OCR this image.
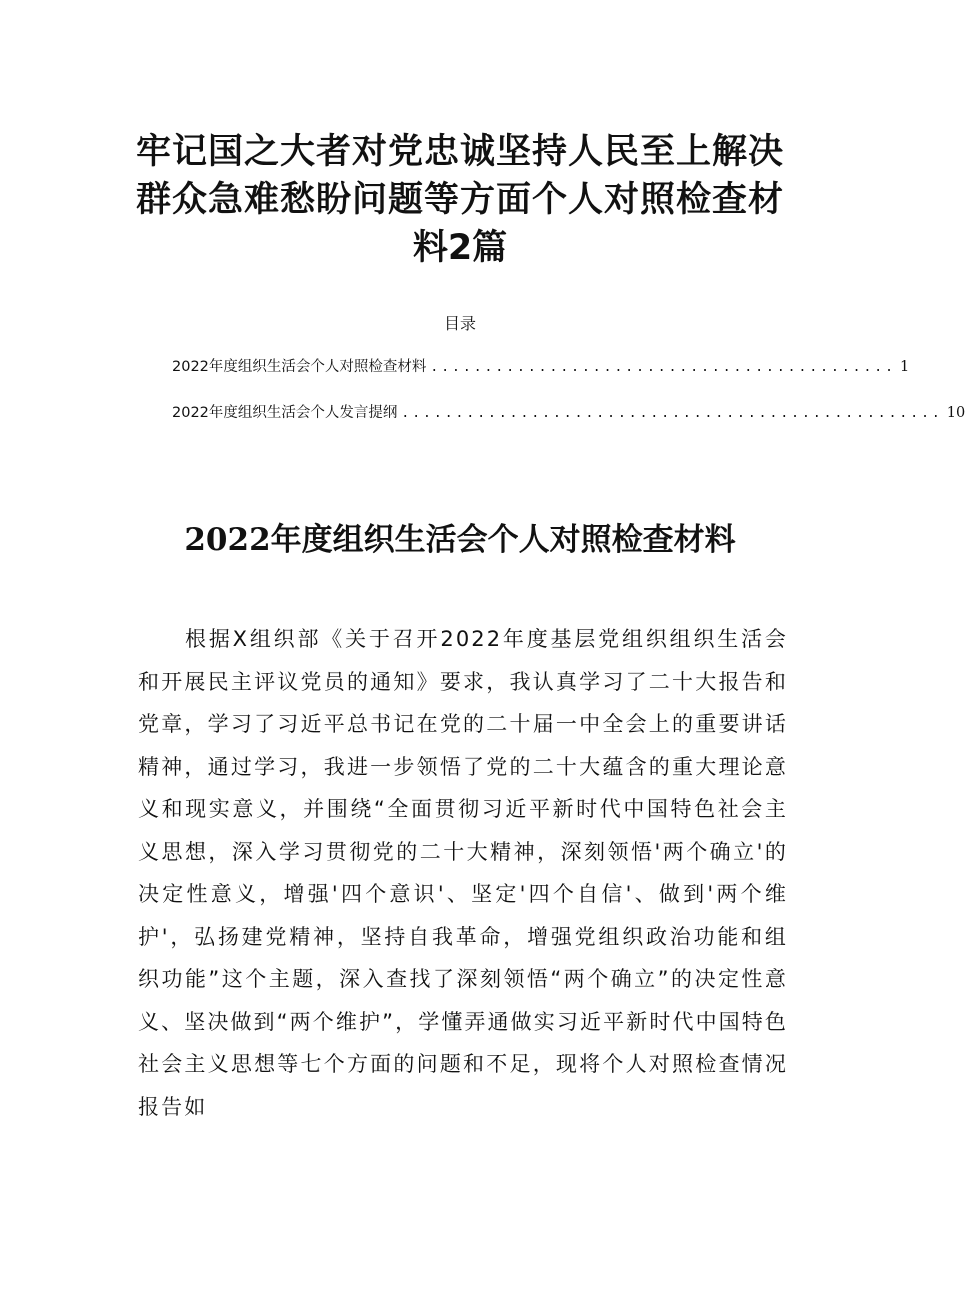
牢记国之大者对党忠诚坚持人民至上解决
群众急难愁盼问题等方面个人对照检查材
料2篇
目录
2022年度组织生活会个人对照检查材料 ........................................... 1
2022年度组织生活会个人发言提纲 .................................................. 10
2022年度组织生活会个人对照检查材料

根据X组织部《关于召开2022年度基层党组织组织生活会和开展民主评议党员的通知》要求，我认真学习了二十大报告和党章，学习了习近平总书记在党的二十届一中全会上的重要讲话精神，通过学习，我进一步领悟了党的二十大蕴含的重大理论意义和现实意义，并围绕“全面贯彻习近平新时代中国特色社会主义思想，深入学习贯彻党的二十大精神，深刻领悟'两个确立'的决定性意义，增强'四个意识'、坚定'四个自信'、做到'两个维护'，弘扬建党精神，坚持自我革命，增强党组织政治功能和组织功能”这个主题，深入查找了深刻领悟“两个确立”的决定性意义、坚决做到“两个维护”，学懂弄通做实习近平新时代中国特色社会主义思想等七个方面的问题和不足，现将个人对照检查情况报告如
